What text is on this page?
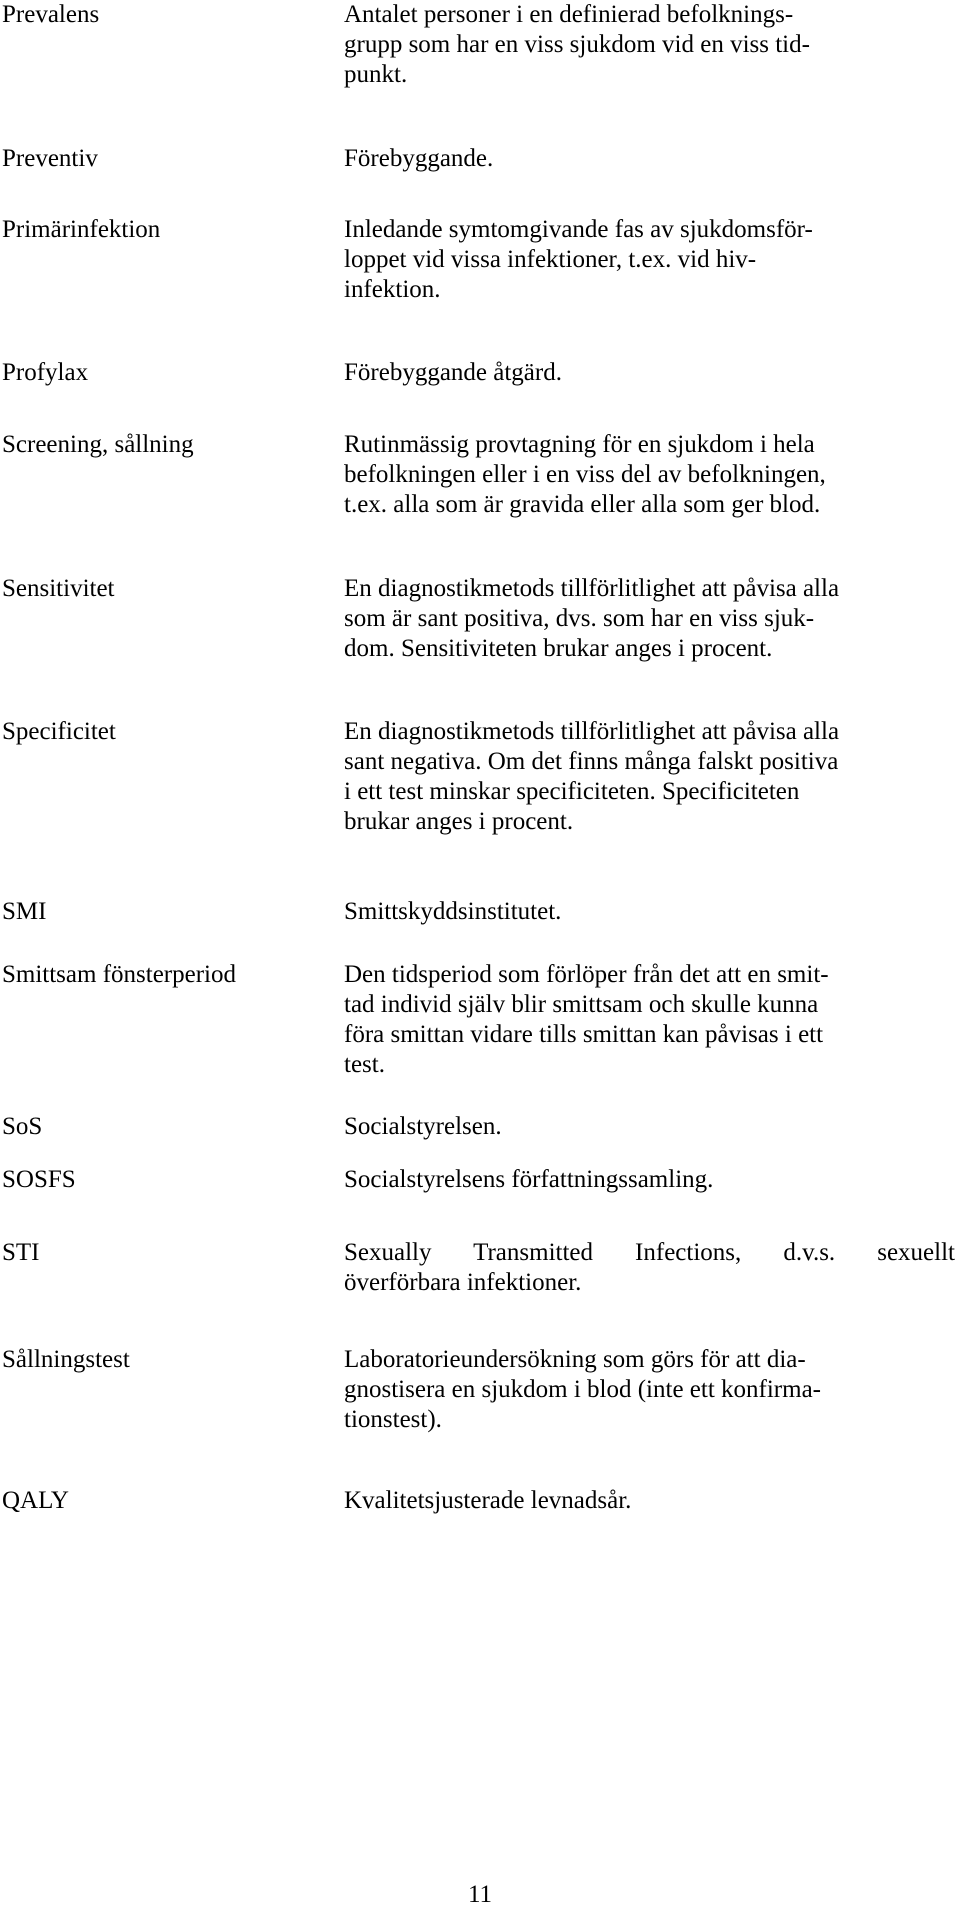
Prevalens	Antalet personer i en definierad befolknings-
grupp som har en viss sjukdom vid en viss tid-
punkt.
Preventiv	Förebyggande.
Primärinfektion	Inledande symtomgivande fas av sjukdomsför-
loppet vid vissa infektioner, t.ex. vid hiv-
infektion.
Profylax	Förebyggande åtgärd.
Screening, sållning	Rutinmässig provtagning för en sjukdom i hela
befolkningen eller i en viss del av befolkningen,
t.ex. alla som är gravida eller alla som ger blod.
Sensitivitet	En diagnostikmetods tillförlitlighet att påvisa alla
som är sant positiva, dvs. som har en viss sjuk-
dom. Sensitiviteten brukar anges i procent.
Specificitet	En diagnostikmetods tillförlitlighet att påvisa alla
sant negativa. Om det finns många falskt positiva
i ett test minskar specificiteten. Specificiteten
brukar anges i procent.
SMI	Smittskyddsinstitutet.
Smittsam fönsterperiod	Den tidsperiod som förlöper från det att en smit-
tad individ själv blir smittsam och skulle kunna
föra smittan vidare tills smittan kan påvisas i ett
test.
SoS	Socialstyrelsen.
SOSFS	Socialstyrelsens författningssamling.
STI	Sexually Transmitted Infections, d.v.s. sexuellt
överförbara infektioner.
Sållningstest	Laboratorieundersökning som görs för att dia-
gnostisera en sjukdom i blod (inte ett konfirma-
tionstest).
QALY	Kvalitetsjusterade levnadsår.
11
